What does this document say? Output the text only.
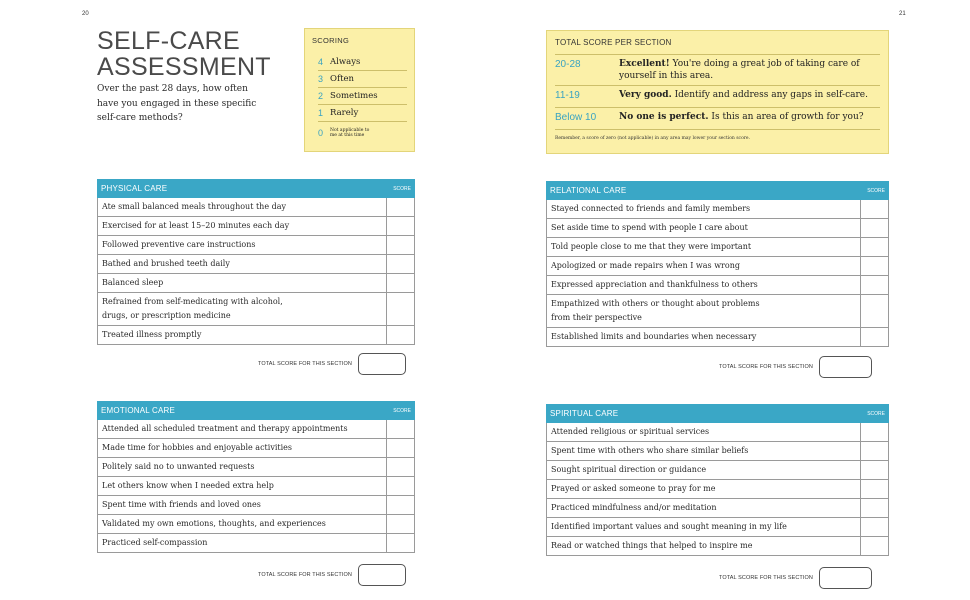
20	21
SELF-CARE
ASSESSMENT

Over the past 28 days, how often have you engaged in these specific self-care methods?

SCORING
4 Always
3 Often
2 Sometimes
1 Rarely
0	Not applicable to me at this time
TOTAL SCORE PER SECTION
20-28	Excellent! You're doing a great job of taking care of yourself in this area.
11-19	Very good. Identify and address any gaps in self-care.
Below 10	No one is perfect. Is this an area of growth for you?
Remember, a score of zero (not applicable) in any area may lower your section score.
PHYSICAL CARE	SCORE
Ate small balanced meals throughout the day
Exercised for at least 15–20 minutes each day
Followed preventive care instructions
Bathed and brushed teeth daily
Balanced sleep
Refrained from self-medicating with alcohol, drugs, or prescription medicine
Treated illness promptly
TOTAL SCORE FOR THIS SECTION
EMOTIONAL CARE	SCORE
Attended all scheduled treatment and therapy appointments
Made time for hobbies and enjoyable activities
Politely said no to unwanted requests
Let others know when I needed extra help
Spent time with friends and loved ones
Validated my own emotions, thoughts, and experiences
Practiced self-compassion
TOTAL SCORE FOR THIS SECTION
RELATIONAL CARE	SCORE
Stayed connected to friends and family members
Set aside time to spend with people I care about
Told people close to me that they were important
Apologized or made repairs when I was wrong
Expressed appreciation and thankfulness to others
Empathized with others or thought about problems from their perspective
Established limits and boundaries when necessary
TOTAL SCORE FOR THIS SECTION
SPIRITUAL CARE	SCORE
Attended religious or spiritual services
Spent time with others who share similar beliefs
Sought spiritual direction or guidance
Prayed or asked someone to pray for me
Practiced mindfulness and/or meditation
Identified important values and sought meaning in my life
Read or watched things that helped to inspire me
TOTAL SCORE FOR THIS SECTION
